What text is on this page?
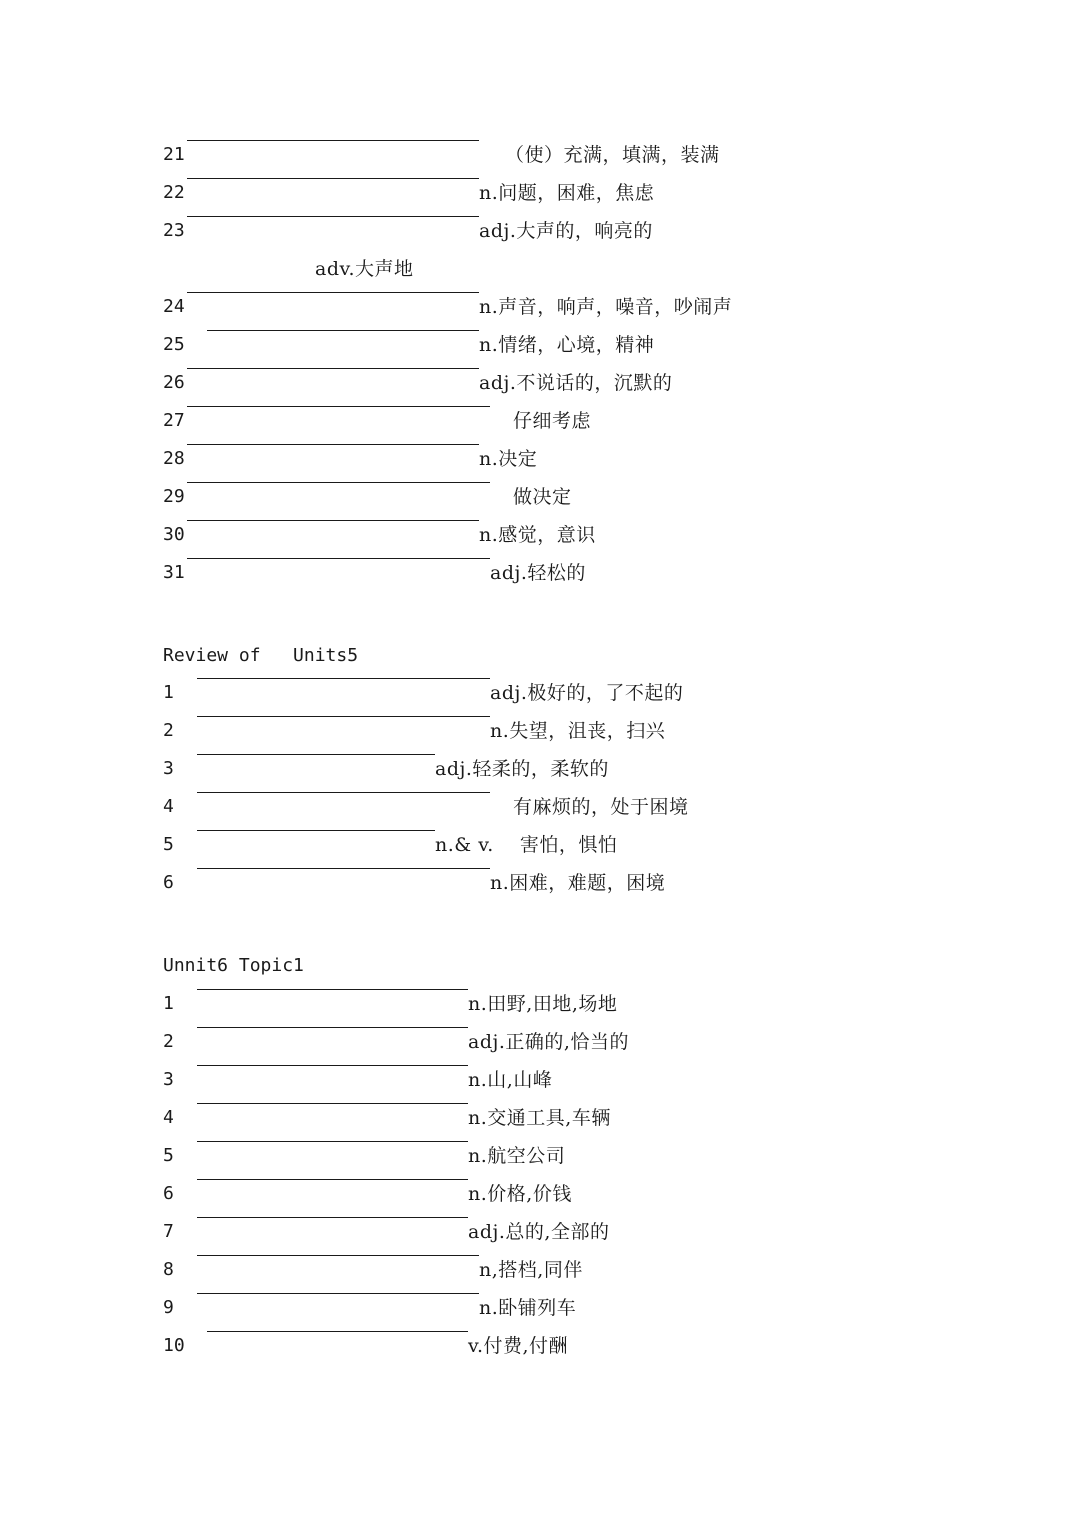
21	（使）充满，填满，装满
22	n.问题，困难，焦虑
23	adj.大声的，响亮的
adv.大声地
24	n.声音，响声，噪音，吵闹声
25	n.情绪，心境，精神
26	adj.不说话的，沉默的
27	仔细考虑
28	n.决定
29	做决定
30	n.感觉，意识
31	adj.轻松的
Review of   Units5
1	adj.极好的，了不起的
2	n.失望，沮丧，扫兴
3	adj.轻柔的，柔软的
4	有麻烦的，处于困境
5	n.& v.    害怕，惧怕
6	n.困难，难题，困境
Unnit6 Topic1
1	n.田野,田地,场地
2	adj.正确的,恰当的
3	n.山,山峰
4	n.交通工具,车辆
5	n.航空公司
6	n.价格,价钱
7	adj.总的,全部的
8	n,搭档,同伴
9	n.卧铺列车
10	v.付费,付酬
